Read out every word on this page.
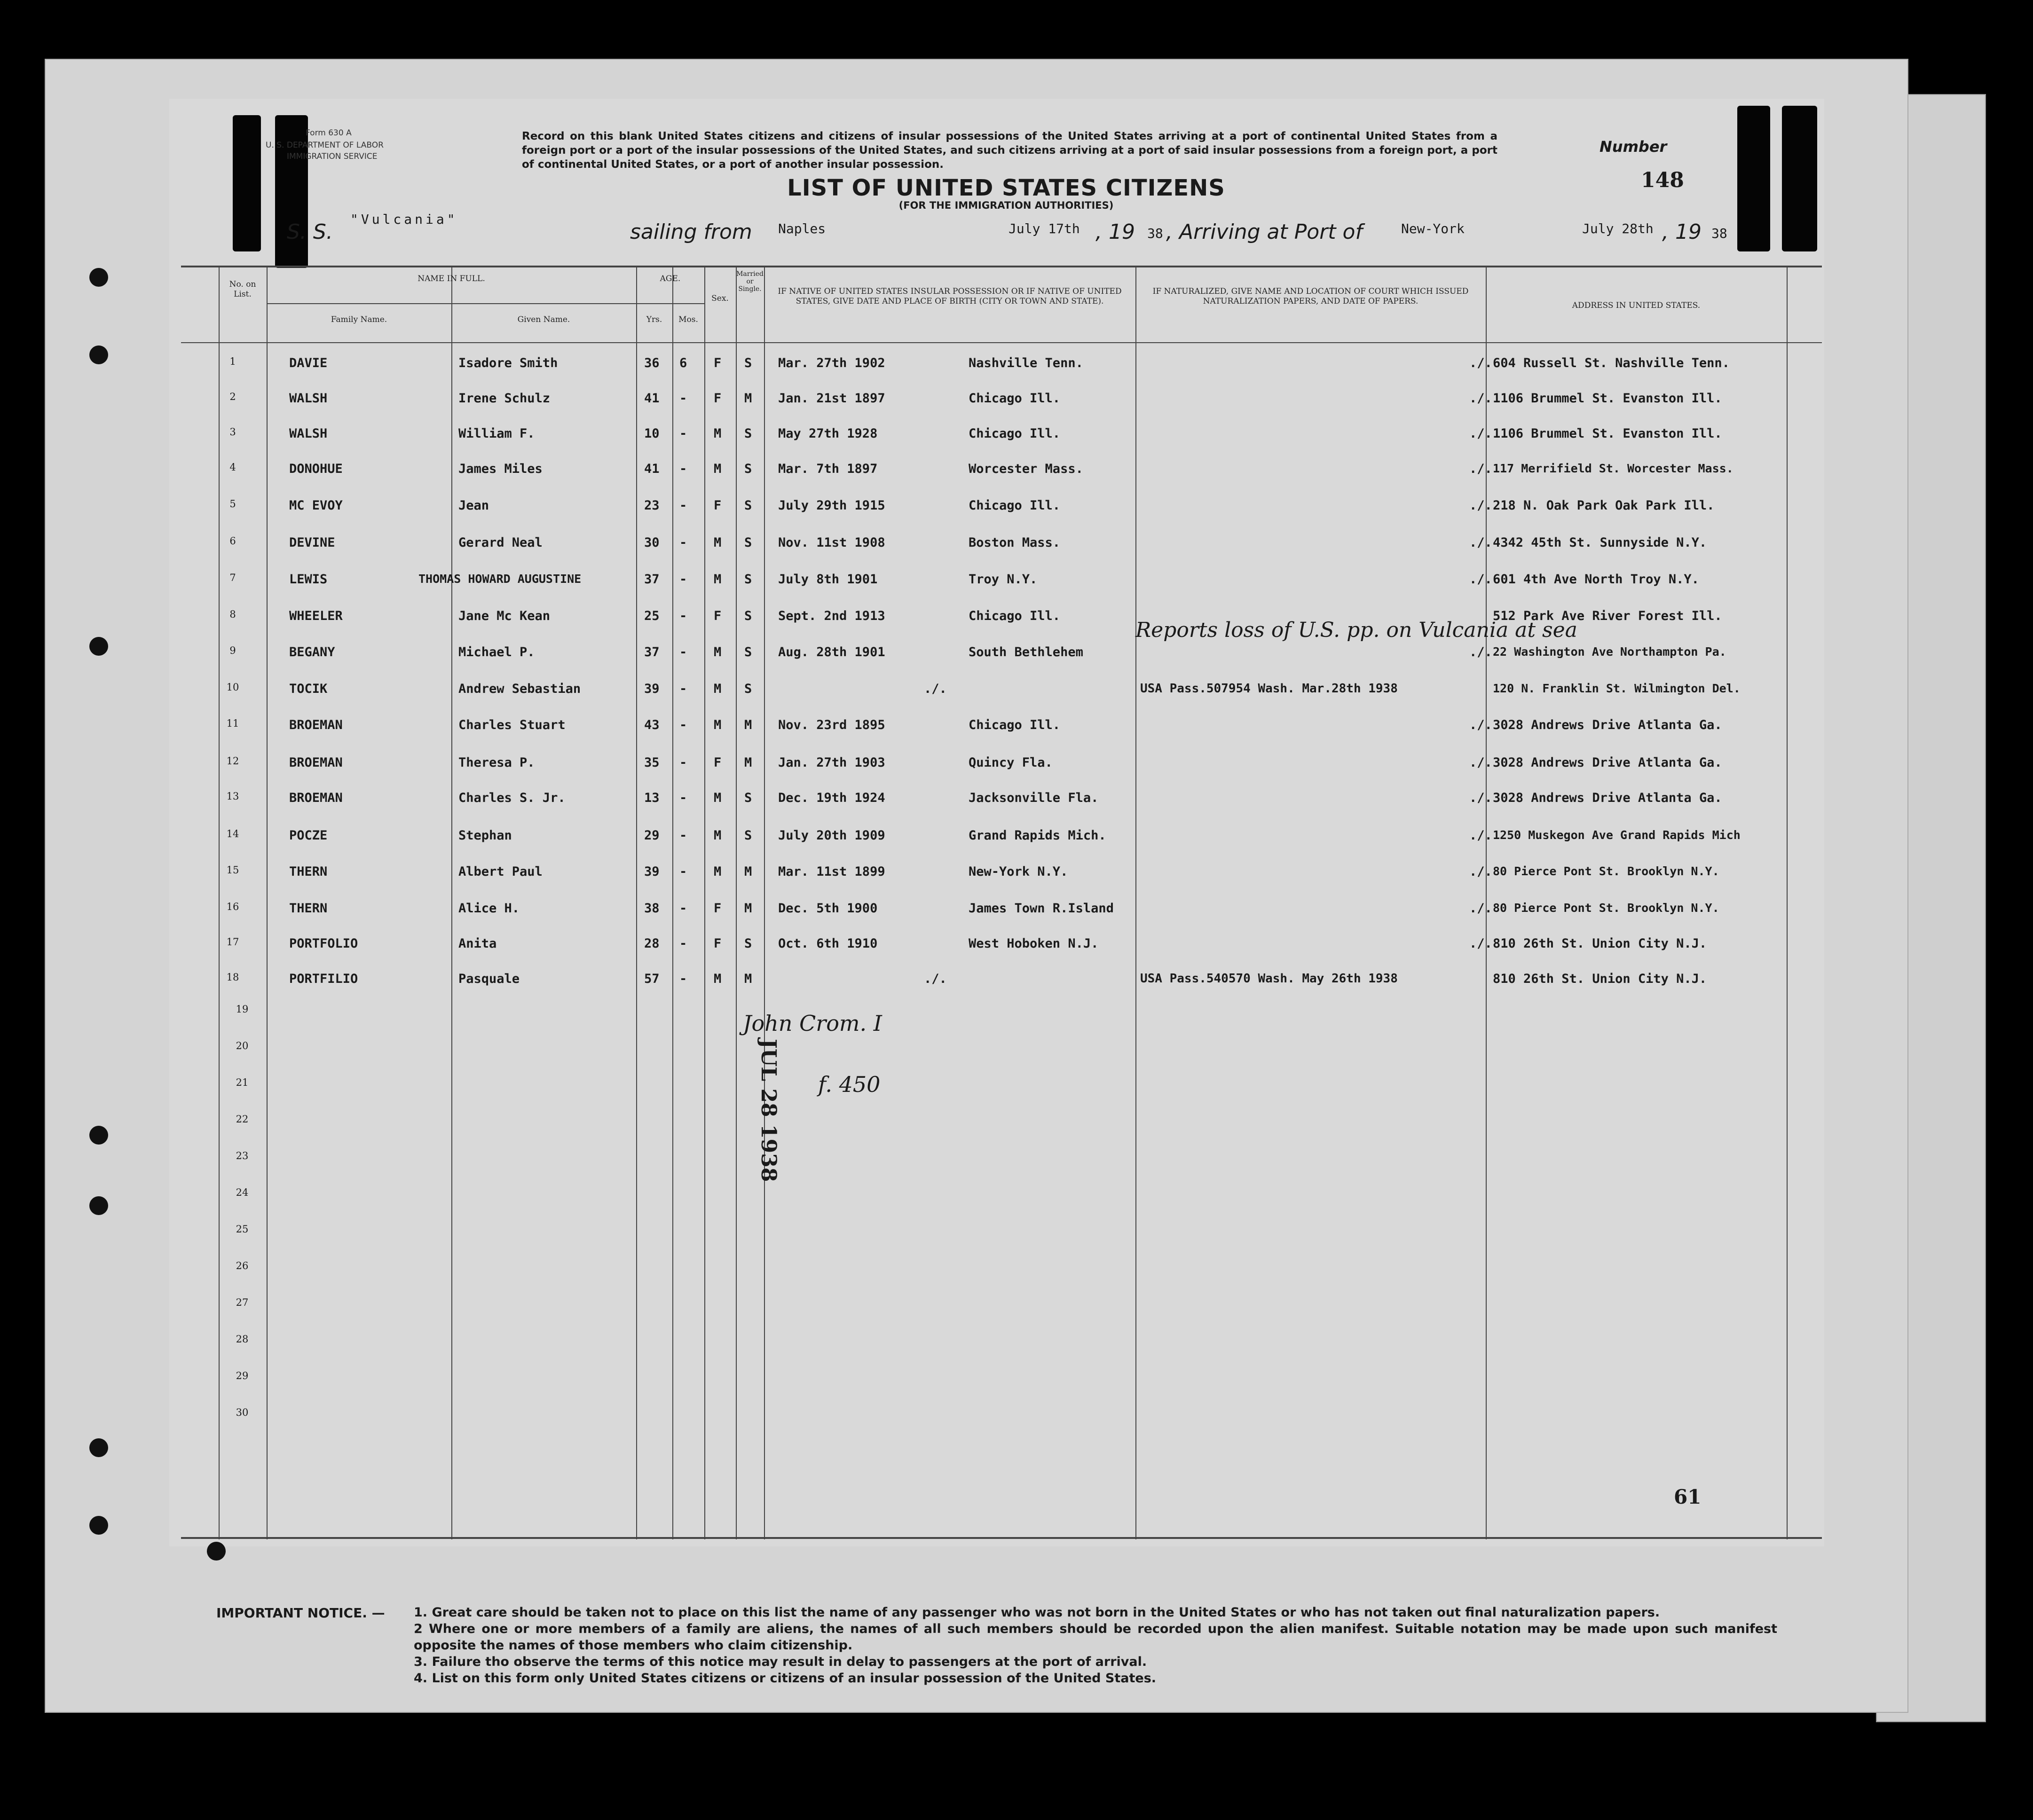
Form 630 A
U. S. DEPARTMENT OF LABOR
IMMIGRATION SERVICE
Record on this blank United States citizens and citizens of insular possessions of the United States arriving at a port of continental United States from a foreign port or a port of the insular possessions of the United States, and such citizens arriving at a port of said insular possessions from a foreign port, a port of continental United States, or a port of another insular possession.
LIST OF UNITED STATES CITIZENS
(FOR THE IMMIGRATION AUTHORITIES)
Number
148
S. S.
"Vulcania"
sailing from Naples	July 17th , 19 38 , Arriving at Port of	New-York	July 28th , 19 38
No. on List.
NAME IN FULL.
Family Name.	Given Name.
AGE.
Yrs.	Mos.
Sex.
Married or Single.	IF NATIVE OF UNITED STATES INSULAR POSSESSION OR IF NATIVE OF UNITED STATES, GIVE DATE AND PLACE OF BIRTH (CITY OR TOWN AND STATE).
IF NATURALIZED, GIVE NAME AND LOCATION OF COURT WHICH ISSUED NATURALIZATION PAPERS, AND DATE OF PAPERS.	ADDRESS IN UNITED STATES.
1	DAVIE	Isadore Smith	36 6 F S Mar. 27th 1902	Nashville Tenn.	./. 604 Russell St. Nashville Tenn.
2	WALSH	Irene Schulz	41 - F M Jan. 21st 1897	Chicago Ill.	./. 1106 Brummel St. Evanston Ill.
3	WALSH	William F.	10 - M S May 27th 1928	Chicago Ill.	./. 1106 Brummel St. Evanston Ill.
4	DONOHUE	James Miles	41 - M S Mar. 7th 1897	Worcester Mass.	./. 117 Merrifield St. Worcester Mass.
5	MC EVOY	Jean	23 - F S July 29th 1915	Chicago Ill.	./. 218 N. Oak Park Oak Park Ill.
6	DEVINE	Gerard Neal	30 - M S Nov. 11st 1908	Boston Mass.	./. 4342 45th St. Sunnyside N.Y.
7	LEWIS	THOMAS HOWARD AUGUSTINE	37 - M S July 8th 1901	Troy N.Y.	./. 601 4th Ave North Troy N.Y.
8	WHEELER	Jane Mc Kean	25 - F S Sept. 2nd 1913	Chicago Ill.	512 Park Ave River Forest Ill.
9	BEGANY	Michael P.	37 - M S Aug. 28th 1901	South Bethlehem	./. 22 Washington Ave Northampton Pa.
10	TOCIK	Andrew Sebastian	39 - M S	./.	USA Pass.507954 Wash. Mar.28th 1938	120 N. Franklin St. Wilmington Del.
11	BROEMAN	Charles Stuart	43 - M M Nov. 23rd 1895	Chicago Ill.	./. 3028 Andrews Drive Atlanta Ga.
12	BROEMAN	Theresa P.	35 - F M Jan. 27th 1903	Quincy Fla.	./. 3028 Andrews Drive Atlanta Ga.
13	BROEMAN	Charles S. Jr.	13 - M S Dec. 19th 1924	Jacksonville Fla.	./. 3028 Andrews Drive Atlanta Ga.
14	POCZE	Stephan	29 - M S July 20th 1909	Grand Rapids Mich.	./. 1250 Muskegon Ave Grand Rapids Mich
15	THERN	Albert Paul	39 - M M Mar. 11st 1899	New-York N.Y.	./. 80 Pierce Pont St. Brooklyn N.Y.
16	THERN	Alice H.	38 - F M Dec. 5th 1900	James Town R.Island	./. 80 Pierce Pont St. Brooklyn N.Y.
17	PORTFOLIO	Anita	28 - F S Oct. 6th 1910	West Hoboken N.J.	./. 810 26th St. Union City N.J.
18	PORTFILIO	Pasquale	57 - M M	./.	USA Pass.540570 Wash. May 26th 1938	810 26th St. Union City N.J.
19
20
21
22
23
24
25
26
27
28
29
30
Reports loss of U.S. pp. on Vulcania at sea
John Crom. I
JUL 28 1938 f. 450
61
IMPORTANT NOTICE. — 1. Great care should be taken not to place on this list the name of any passenger who was not born in the United States or who has not taken out final naturalization papers.
2 Where one or more members of a family are aliens, the names of all such members should be recorded upon the alien manifest. Suitable notation may be made upon such manifest opposite the names of those members who claim citizenship.
3. Failure tho observe the terms of this notice may result in delay to passengers at the port of arrival.
4. List on this form only United States citizens or citizens of an insular possession of the United States.
